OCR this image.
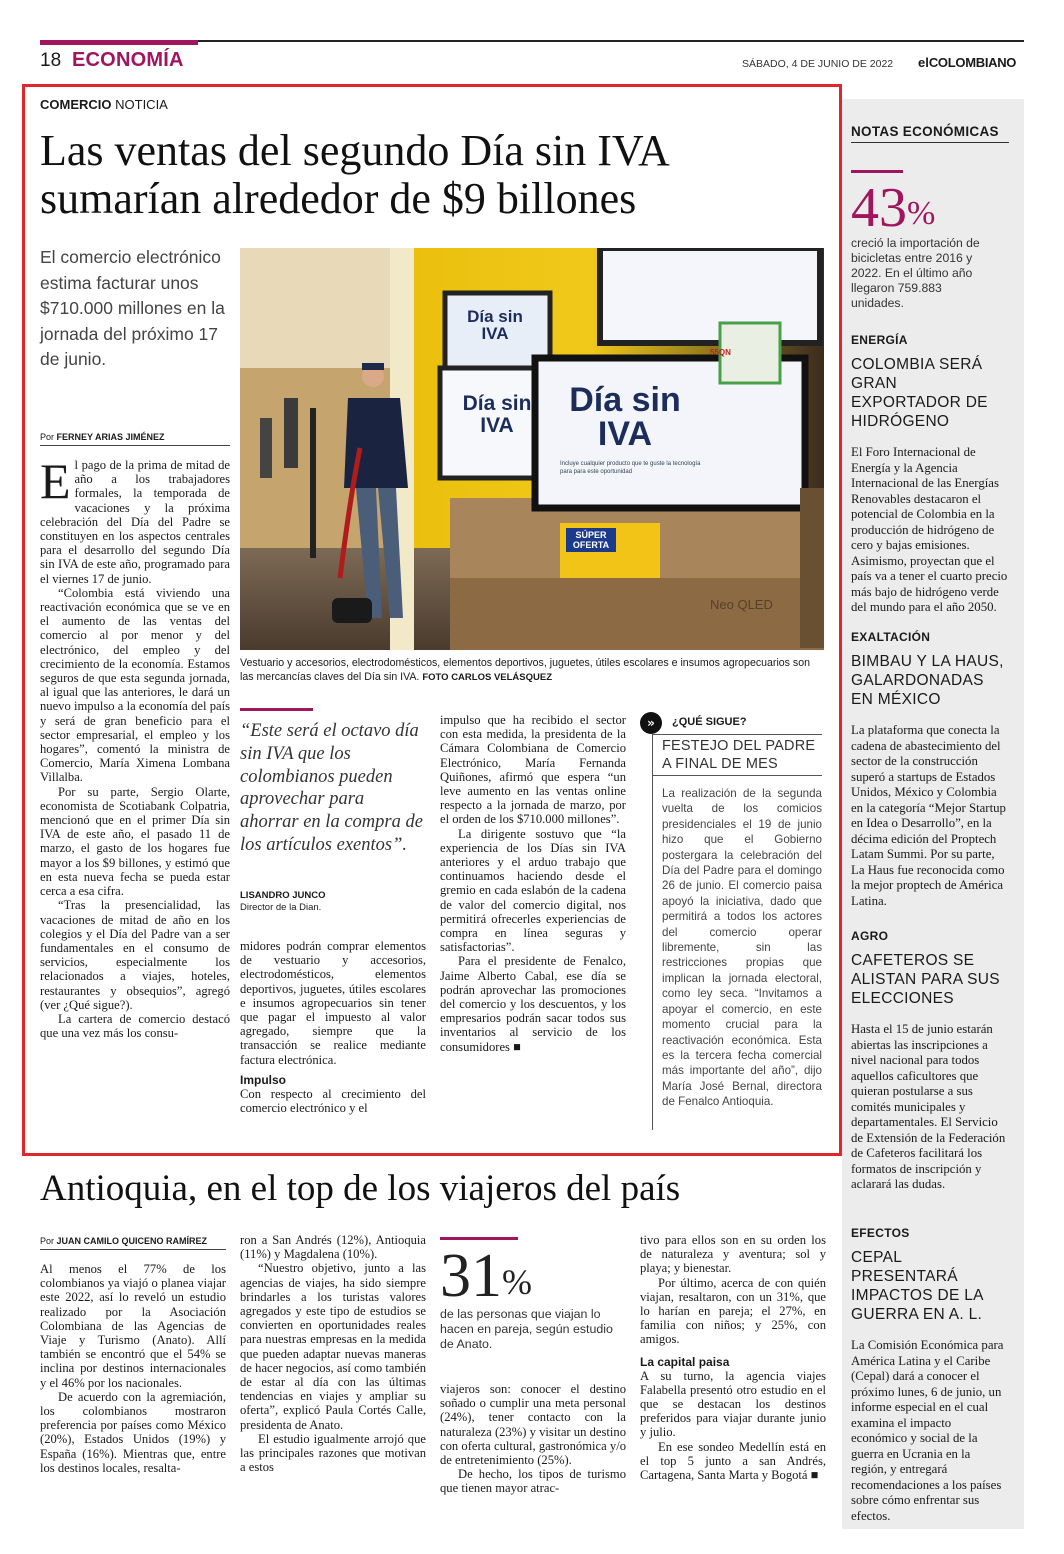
18 ECONOMÍA	SÁBADO, 4 DE JUNIO DE 2022 elCOLOMBIANO
COMERCIO NOTICIA
Las ventas del segundo Día sin IVA
sumarían alrededor de $9 billones
El comercio electrónico estima facturar unos $710.000 millones en la jornada del próximo 17 de junio.
Por FERNEY ARIAS JIMÉNEZ

El pago de la prima de mitad de año a los trabajadores formales, la temporada de vacaciones y la próxima celebración del Día del Padre se constituyen en los aspectos centrales para el desarrollo del segundo Día sin IVA de este año, programado para el viernes 17 de junio.

“Colombia está viviendo una reactivación económica que se ve en el aumento de las ventas del comercio al por menor y del electrónico, del empleo y del crecimiento de la economía. Estamos seguros de que esta segunda jornada, al igual que las anteriores, le dará un nuevo impulso a la economía del país y será de gran beneficio para el sector empresarial, el empleo y los hogares”, comentó la ministra de Comercio, María Ximena Lombana Villalba.

Por su parte, Sergio Olarte, economista de Scotiabank Colpatria, mencionó que en el primer Día sin IVA de este año, el pasado 11 de marzo, el gasto de los hogares fue mayor a los $9 billones, y estimó que en esta nueva fecha se pueda estar cerca a esa cifra.

“Tras la presencialidad, las vacaciones de mitad de año en los colegios y el Día del Padre van a ser fundamentales en el consumo de servicios, especialmente los relacionados a viajes, hoteles, restaurantes y obsequios”, agregó (ver ¿Qué sigue?).

La cartera de comercio destacó que una vez más los consu-

Día sin IVA
Día sin IVA
Día sin IVA
Incluye cualquier producto que te guste la tecnología para para este oportunidad
SÚPER OFERTA
Neo QLED
55QN
Vestuario y accesorios, electrodomésticos, elementos deportivos, juguetes, útiles escolares e insumos agropecuarios son las mercancías claves del Día sin IVA. FOTO CARLOS VELÁSQUEZ
“Este será el octavo día sin IVA que los colombianos pueden aprovechar para ahorrar en la compra de los artículos exentos”.
LISANDRO JUNCO
Director de la Dian.

midores podrán comprar elementos de vestuario y accesorios, electrodomésticos, elementos deportivos, juguetes, útiles escolares e insumos agropecuarios sin tener que pagar el impuesto al valor agregado, siempre que la transacción se realice mediante factura electrónica.

Impulso

Con respecto al crecimiento del comercio electrónico y el

impulso que ha recibido el sector con esta medida, la presidenta de la Cámara Colombiana de Comercio Electrónico, María Fernanda Quiñones, afirmó que espera “un leve aumento en las ventas online respecto a la jornada de marzo, por el orden de los $710.000 millones”.

La dirigente sostuvo que “la experiencia de los Días sin IVA anteriores y el arduo trabajo que continuamos haciendo desde el gremio en cada eslabón de la cadena de valor del comercio digital, nos permitirá ofrecerles experiencias de compra en línea seguras y satisfactorias”.

Para el presidente de Fenalco, Jaime Alberto Cabal, ese día se podrán aprovechar las promociones del comercio y los descuentos, y los empresarios podrán sacar todos sus inventarios al servicio de los consumidores ■

»	¿QUÉ SIGUE?
FESTEJO DEL PADRE A FINAL DE MES
La realización de la segunda vuelta de los comicios presidenciales el 19 de junio hizo que el Gobierno postergara la celebración del Día del Padre para el domingo 26 de junio. El comercio paisa apoyó la iniciativa, dado que permitirá a todos los actores del comercio operar libremente, sin las restricciones propias que implican la jornada electoral, como ley seca. “Invitamos a apoyar el comercio, en este momento crucial para la reactivación económica. Esta es la tercera fecha comercial más importante del año”, dijo María José Bernal, directora de Fenalco Antioquia.
NOTAS ECONÓMICAS
43%
creció la importación de bicicletas entre 2016 y 2022. En el último año llegaron 759.883 unidades.
ENERGÍA
COLOMBIA SERÁ GRAN EXPORTADOR DE HIDRÓGENO
El Foro Internacional de Energía y la Agencia Internacional de las Energías Renovables destacaron el potencial de Colombia en la producción de hidrógeno de cero y bajas emisiones. Asimismo, proyectan que el país va a tener el cuarto precio más bajo de hidrógeno verde del mundo para el año 2050.
EXALTACIÓN
BIMBAU Y LA HAUS, GALARDONADAS EN MÉXICO
La plataforma que conecta la cadena de abastecimiento del sector de la construcción superó a startups de Estados Unidos, México y Colombia en la categoría “Mejor Startup en Idea o Desarrollo”, en la décima edición del Proptech Latam Summi. Por su parte, La Haus fue reconocida como la mejor proptech de América Latina.
AGRO
CAFETEROS SE ALISTAN PARA SUS ELECCIONES
Hasta el 15 de junio estarán abiertas las inscripciones a nivel nacional para todos aquellos caficultores que quieran postularse a sus comités municipales y departamentales. El Servicio de Extensión de la Federación de Cafeteros facilitará los formatos de inscripción y aclarará las dudas.
EFECTOS
CEPAL PRESENTARÁ IMPACTOS DE LA GUERRA EN A. L.
La Comisión Económica para América Latina y el Caribe (Cepal) dará a conocer el próximo lunes, 6 de junio, un informe especial en el cual examina el impacto económico y social de la guerra en Ucrania en la región, y entregará recomendaciones a los países sobre cómo enfrentar sus efectos.
Antioquia, en el top de los viajeros del país
Por JUAN CAMILO QUICENO RAMÍREZ

Al menos el 77% de los colombianos ya viajó o planea viajar este 2022, así lo reveló un estudio realizado por la Asociación Colombiana de las Agencias de Viaje y Turismo (Anato). Allí también se encontró que el 54% se inclina por destinos internacionales y el 46% por los nacionales.

De acuerdo con la agremiación, los colombianos mostraron preferencia por países como México (20%), Estados Unidos (19%) y España (16%). Mientras que, entre los destinos locales, resalta-

ron a San Andrés (12%), Antioquia (11%) y Magdalena (10%).

“Nuestro objetivo, junto a las agencias de viajes, ha sido siempre brindarles a los turistas valores agregados y este tipo de estudios se convierten en oportunidades reales para nuestras empresas en la medida que pueden adaptar nuevas maneras de hacer negocios, así como también de estar al día con las últimas tendencias en viajes y ampliar su oferta”, explicó Paula Cortés Calle, presidenta de Anato.

El estudio igualmente arrojó que las principales razones que motivan a estos

31%
de las personas que viajan lo hacen en pareja, según estudio de Anato.

viajeros son: conocer el destino soñado o cumplir una meta personal (24%), tener contacto con la naturaleza (23%) y visitar un destino con oferta cultural, gastronómica y/o de entretenimiento (25%).

De hecho, los tipos de turismo que tienen mayor atrac-

tivo para ellos son en su orden los de naturaleza y aventura; sol y playa; y bienestar.

Por último, acerca de con quién viajan, resaltaron, con un 31%, que lo harían en pareja; el 27%, en familia con niños; y 25%, con amigos.

La capital paisa

A su turno, la agencia viajes Falabella presentó otro estudio en el que se destacan los destinos preferidos para viajar durante junio y julio.

En ese sondeo Medellín está en el top 5 junto a san Andrés, Cartagena, Santa Marta y Bogotá ■
